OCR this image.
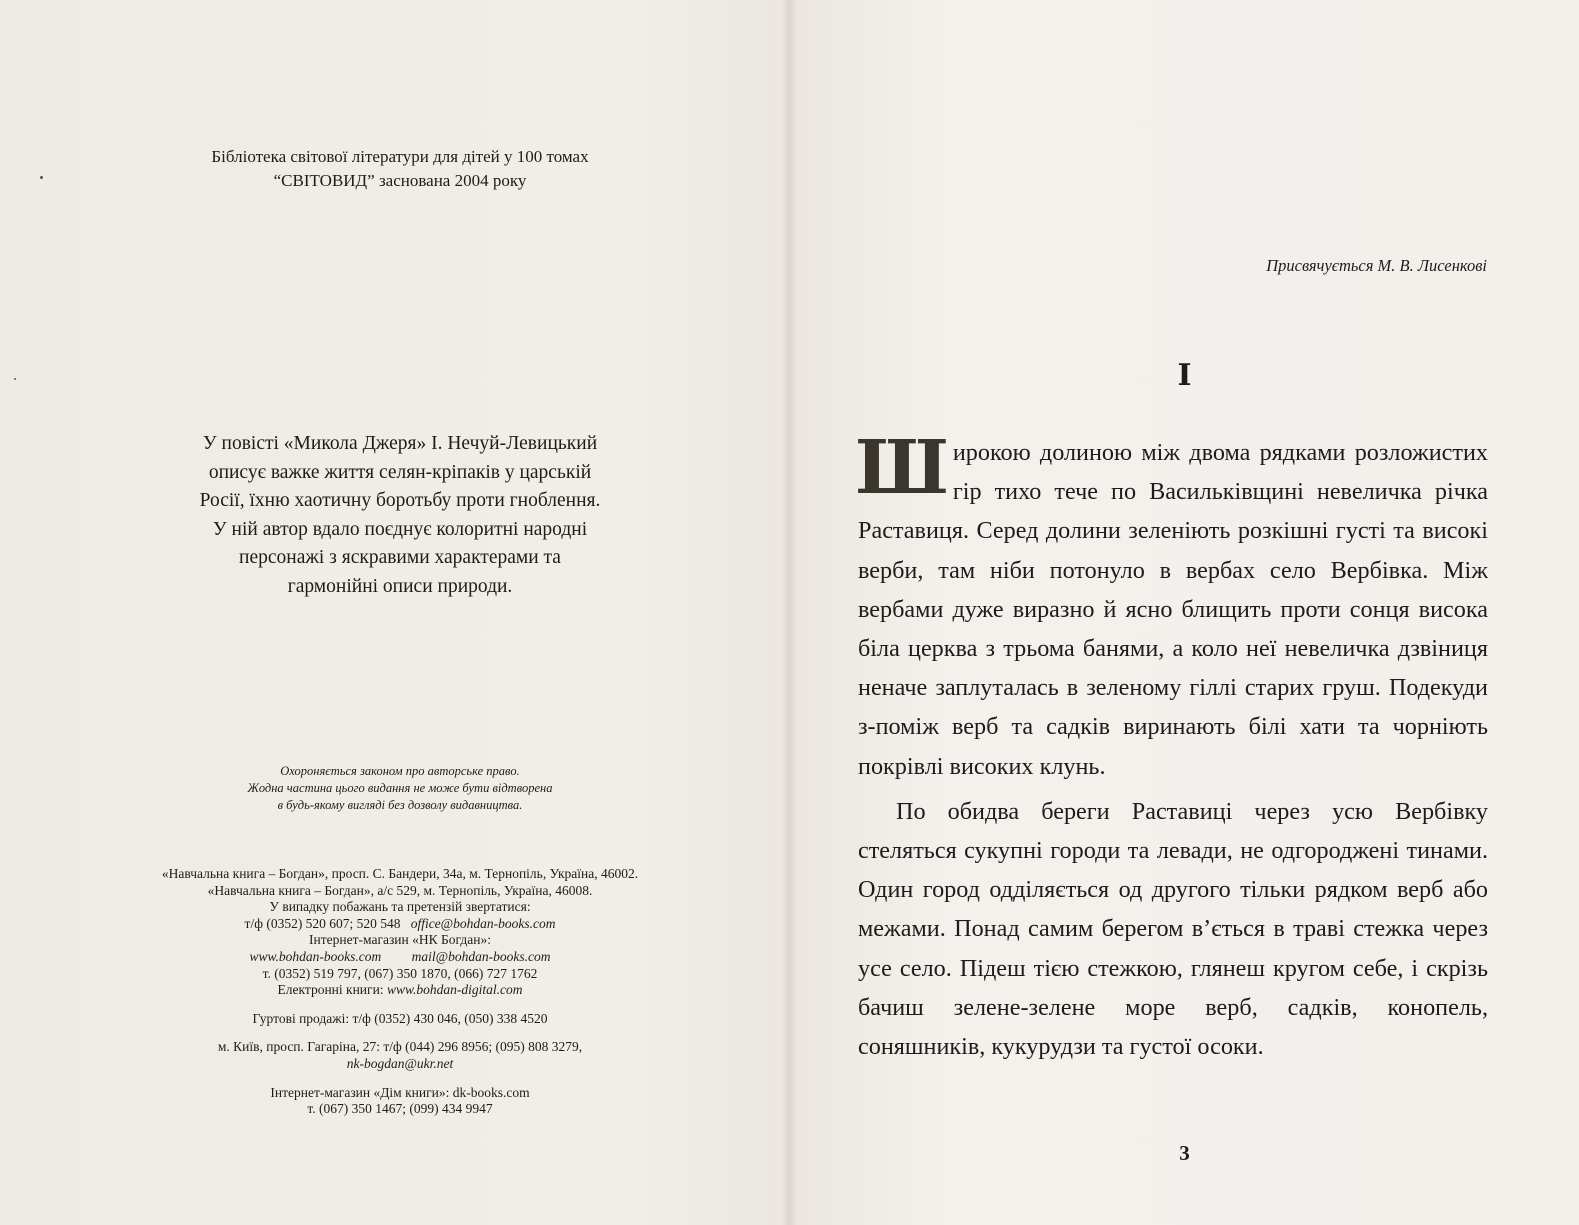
Бібліотека світової літератури для дітей у 100 томах
“СВІТОВИД” заснована 2004 року
У повісті «Микола Джеря» І. Нечуй-Левицький
описує важке життя селян-кріпаків у царській
Росії, їхню хаотичну боротьбу проти гноблення.
У ній автор вдало поєднує колоритні народні
персонажі з яскравими характерами та
гармонійні описи природи.
Охороняється законом про авторське право.
Жодна частина цього видання не може бути відтворена
в будь-якому вигляді без дозволу видавництва.
«Навчальна книга – Богдан», просп. С. Бандери, 34а, м. Тернопіль, Україна, 46002.
«Навчальна книга – Богдан», а/с 529, м. Тернопіль, Україна, 46008.
У випадку побажань та претензій звертатися:
т/ф (0352) 520 607; 520 548 office@bohdan-books.com
Інтернет-магазин «НК Богдан»:
www.bohdan-books.com mail@bohdan-books.com
т. (0352) 519 797, (067) 350 1870, (066) 727 1762
Електронні книги: www.bohdan-digital.com
Гуртові продажі: т/ф (0352) 430 046, (050) 338 4520
м. Київ, просп. Гагаріна, 27: т/ф (044) 296 8956; (095) 808 3279,
nk-bogdan@ukr.net
Інтернет-магазин «Дім книги»: dk-books.com
т. (067) 350 1467; (099) 434 9947
Присвячується М. В. Лисенкові
I

Широкою долиною між двома рядками розложистих гір тихо тече по Васильківщині невеличка річка Раставиця. Серед долини зеленіють розкішні густі та високі верби, там ніби потонуло в вербах село Вербівка. Між вербами дуже виразно й ясно блищить проти сонця висока біла церква з трьома банями, а коло неї невеличка дзвіниця неначе заплуталась в зеленому гіллі старих груш. Подекуди з-поміж верб та садків виринають білі хати та чорніють покрівлі високих клунь.

По обидва береги Раставиці через усю Вербівку стеляться сукупні городи та левади, не одгороджені тинами. Один город одділяється од другого тільки рядком верб або межами. Понад самим берегом в’ється в траві стежка через усе село. Підеш тією стежкою, глянеш кругом себе, і скрізь бачиш зелене-зелене море верб, садків, конопель, соняшників, кукурудзи та густої осоки.

3
